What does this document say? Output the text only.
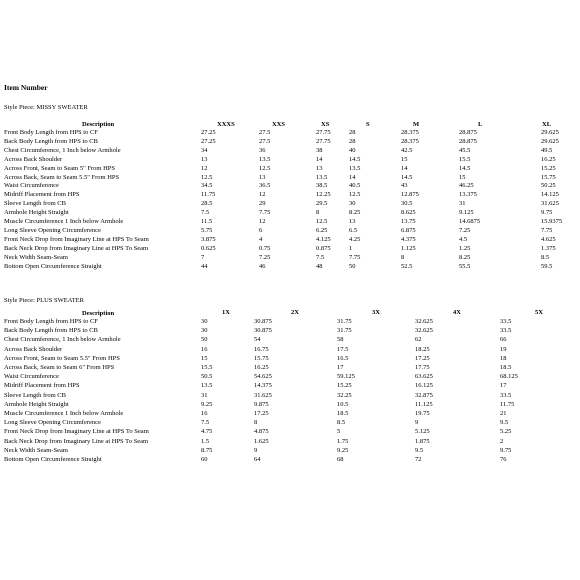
Item Number
Style Piece: MISSY SWEATER
Description	XXXS	XXS	XS	S	M	L	XL
Front Body Length from HPS to CF	27.25	27.5	27.75	28	28.375	28.875	29.625
Back Body Length from HPS to CB	27.25	27.5	27.75	28	28.375	28.875	29.625
Chest Circumference, 1 Inch below Armhole	34	36	38	40	42.5	45.5	49.5
Across Back Shoulder	13	13.5	14	14.5	15	15.5	16.25
Across Front, Seam to Seam 5" From HPS	12	12.5	13	13.5	14	14.5	15.25
Across Back, Seam to Seam 5.5" From HPS	12.5	13	13.5	14	14.5	15	15.75
Waist Circumference	34.5	36.5	38.5	40.5	43	46.25	50.25
Midriff Placement from HPS	11.75	12	12.25	12.5	12.875	13.375	14.125
Sleeve Length from CB	28.5	29	29.5	30	30.5	31	31.625
Armhole Height Straight	7.5	7.75	8	8.25	8.625	9.125	9.75
Muscle Circumference 1 Inch below Armhole	11.5	12	12.5	13	13.75	14.6875	15.9375
Long Sleeve Opening Circumference	5.75	6	6.25	6.5	6.875	7.25	7.75
Front Neck Drop from Imaginary Line at HPS To Seam	3.875	4	4.125	4.25	4.375	4.5	4.625
Back Neck Drop from Imaginary Line at HPS To Seam	0.625	0.75	0.875	1	1.125	1.25	1.375
Neck Width Seam-Seam	7	7.25	7.5	7.75	8	8.25	8.5
Bottom Open Circumference Straight	44	46	48	50	52.5	55.5	59.5
Style Piece: PLUS SWEATER
Description	1X	2X	3X	4X	5X
Front Body Length from HPS to CF	30	30.875	31.75	32.625	33.5
Back Body Length from HPS to CB	30	30.875	31.75	32.625	33.5
Chest Circumference, 1 Inch below Armhole	50	54	58	62	66
Across Back Shoulder	16	16.75	17.5	18.25	19
Across Front, Seam to Seam 5.5" From HPS	15	15.75	16.5	17.25	18
Across Back, Seam to Seam 6" From HPS	15.5	16.25	17	17.75	18.5
Waist Circumference	50.5	54.625	59.125	63.625	68.125
Midriff Placement from HPS	13.5	14.375	15.25	16.125	17
Sleeve Length from CB	31	31.625	32.25	32.875	33.5
Armhole Height Straight	9.25	9.875	10.5	11.125	11.75
Muscle Circumference 1 Inch below Armhole	16	17.25	18.5	19.75	21
Long Sleeve Opening Circumference	7.5	8	8.5	9	9.5
Front Neck Drop from Imaginary Line at HPS To Seam	4.75	4.875	5	5.125	5.25
Back Neck Drop from Imaginary Line at HPS To Seam	1.5	1.625	1.75	1.875	2
Neck Width Seam-Seam	8.75	9	9.25	9.5	9.75
Bottom Open Circumference Straight	60	64	68	72	76
